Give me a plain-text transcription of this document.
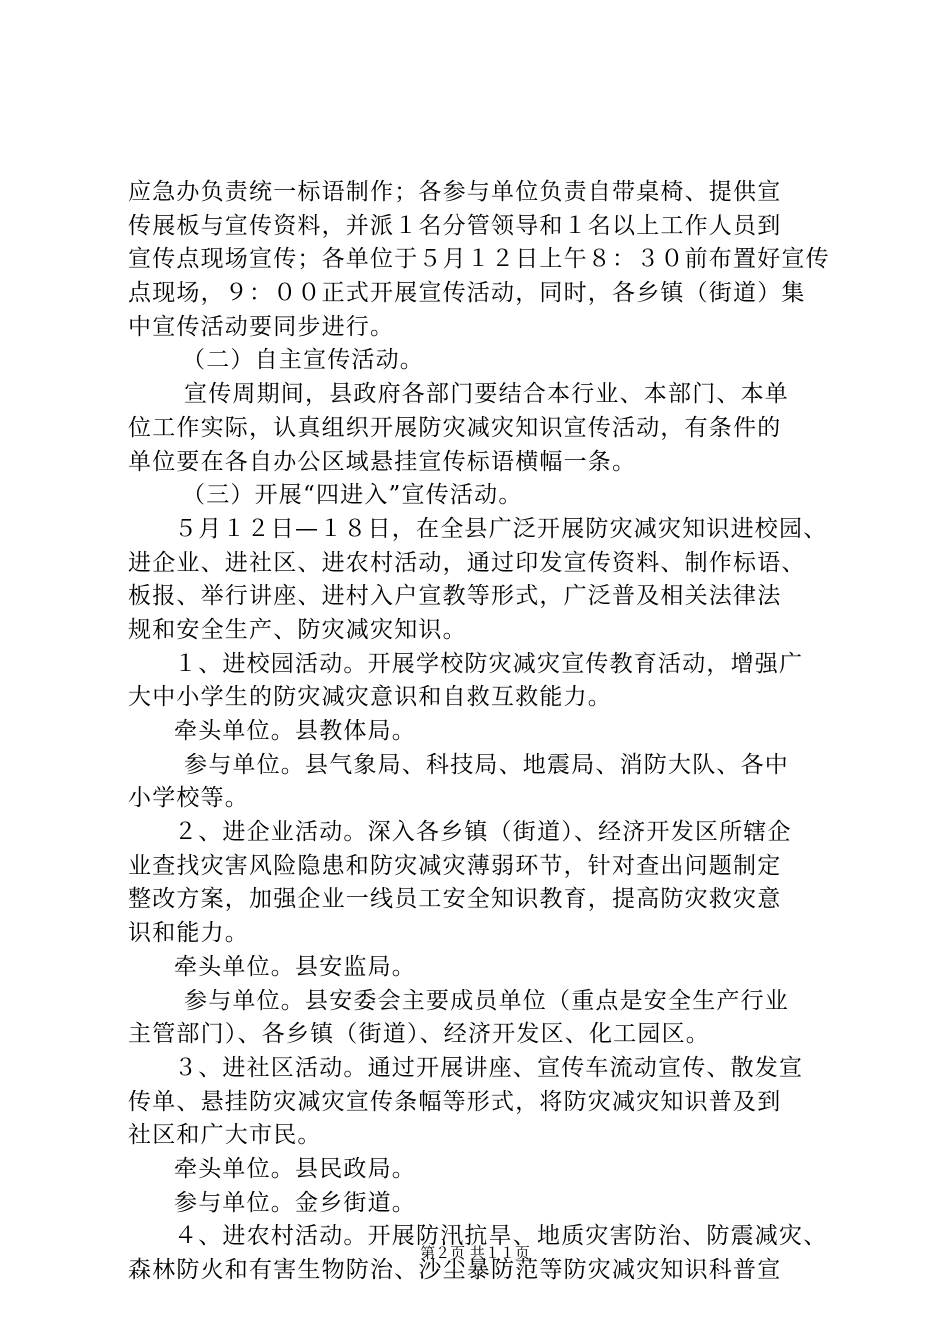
应急办负责统一标语制作；各参与单位负责自带桌椅、提供宣
传展板与宣传资料，并派１名分管领导和１名以上工作人员到
宣传点现场宣传；各单位于５月１２日上午８：３０前布置好宣传
点现场，９：００正式开展宣传活动，同时，各乡镇（街道）集
中宣传活动要同步进行。
（二）自主宣传活动。
宣传周期间，县政府各部门要结合本行业、本部门、本单
位工作实际，认真组织开展防灾减灾知识宣传活动，有条件的
单位要在各自办公区域悬挂宣传标语横幅一条。
（三）开展“四进入”宣传活动。
５月１２日—１８日，在全县广泛开展防灾减灾知识进校园、
进企业、进社区、进农村活动，通过印发宣传资料、制作标语、
板报、举行讲座、进村入户宣教等形式，广泛普及相关法律法
规和安全生产、防灾减灾知识。
１、进校园活动。开展学校防灾减灾宣传教育活动，增强广
大中小学生的防灾减灾意识和自救互救能力。
牵头单位。县教体局。
参与单位。县气象局、科技局、地震局、消防大队、各中
小学校等。
２、进企业活动。深入各乡镇（街道）、经济开发区所辖企
业查找灾害风险隐患和防灾减灾薄弱环节，针对查出问题制定
整改方案，加强企业一线员工安全知识教育，提高防灾救灾意
识和能力。
牵头单位。县安监局。
参与单位。县安委会主要成员单位（重点是安全生产行业
主管部门）、各乡镇（街道）、经济开发区、化工园区。
３、进社区活动。通过开展讲座、宣传车流动宣传、散发宣
传单、悬挂防灾减灾宣传条幅等形式，将防灾减灾知识普及到
社区和广大市民。
牵头单位。县民政局。
参与单位。金乡街道。
４、进农村活动。开展防汛抗旱、地质灾害防治、防震减灾、
森林防火和有害生物防治、沙尘暴防范等防灾减灾知识科普宣
第２页 共１１页
